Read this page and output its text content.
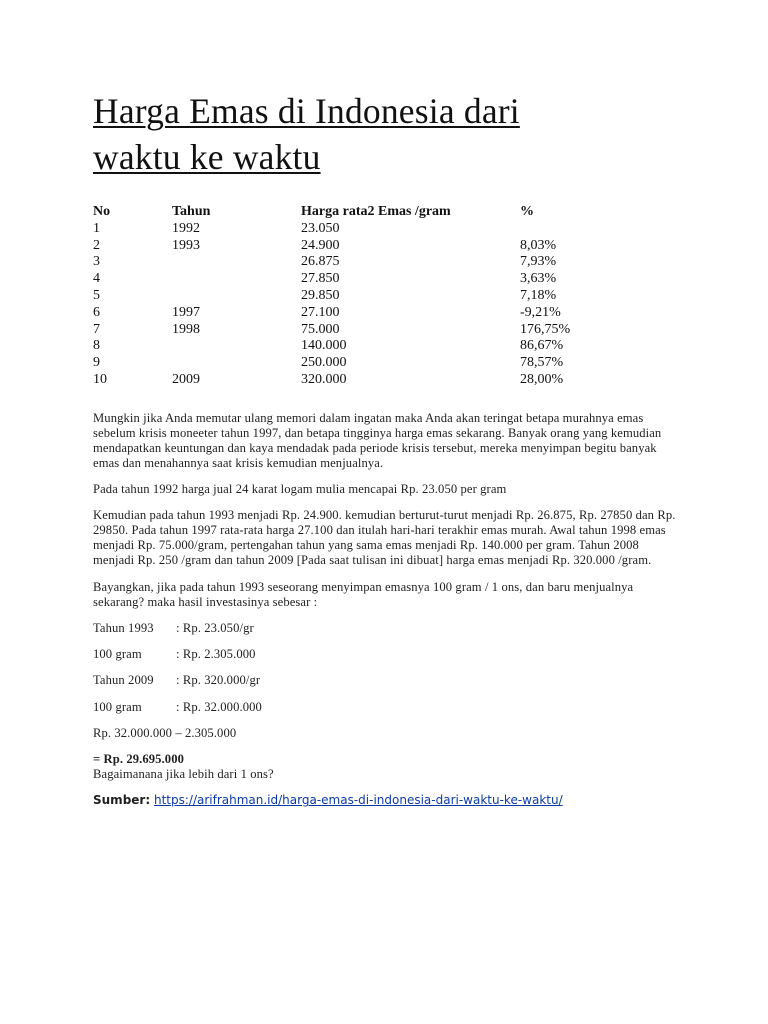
Harga Emas di Indonesia dari
waktu ke waktu
No	Tahun	Harga rata2 Emas /gram	%
1	1992	23.050	
2	1993	24.900	8,03%
3		26.875	7,93%
4		27.850	3,63%
5		29.850	7,18%
6	1997	27.100	-9,21%
7	1998	75.000	176,75%
8		140.000	86,67%
9		250.000	78,57%
10	2009	320.000	28,00%
Mungkin jika Anda memutar ulang memori dalam ingatan maka Anda akan teringat betapa murahnya emas sebelum krisis moneeter tahun 1997, dan betapa tingginya harga emas sekarang. Banyak orang yang kemudian mendapatkan keuntungan dan kaya mendadak pada periode krisis tersebut, mereka menyimpan begitu banyak emas dan menahannya saat krisis kemudian menjualnya.
Pada tahun 1992 harga jual 24 karat logam mulia mencapai Rp. 23.050 per gram
Kemudian pada tahun 1993 menjadi Rp. 24.900. kemudian berturut-turut menjadi Rp. 26.875, Rp. 27850 dan Rp. 29850. Pada tahun 1997 rata-rata harga 27.100 dan itulah hari-hari terakhir emas murah. Awal tahun 1998 emas menjadi Rp. 75.000/gram, pertengahan tahun yang sama emas menjadi Rp. 140.000 per gram. Tahun 2008 menjadi Rp. 250 /gram dan tahun 2009 [Pada saat tulisan ini dibuat] harga emas menjadi Rp. 320.000 /gram.
Bayangkan, jika pada tahun 1993 seseorang menyimpan emasnya 100 gram / 1 ons, dan baru menjualnya sekarang? maka hasil investasinya sebesar :
Tahun 1993	: Rp. 23.050/gr
100 gram	: Rp. 2.305.000
Tahun 2009	: Rp. 320.000/gr
100 gram	: Rp. 32.000.000
Rp. 32.000.000 – 2.305.000
= Rp. 29.695.000
Bagaimanana jika lebih dari 1 ons?
Sumber: https://arifrahman.id/harga-emas-di-indonesia-dari-waktu-ke-waktu/
